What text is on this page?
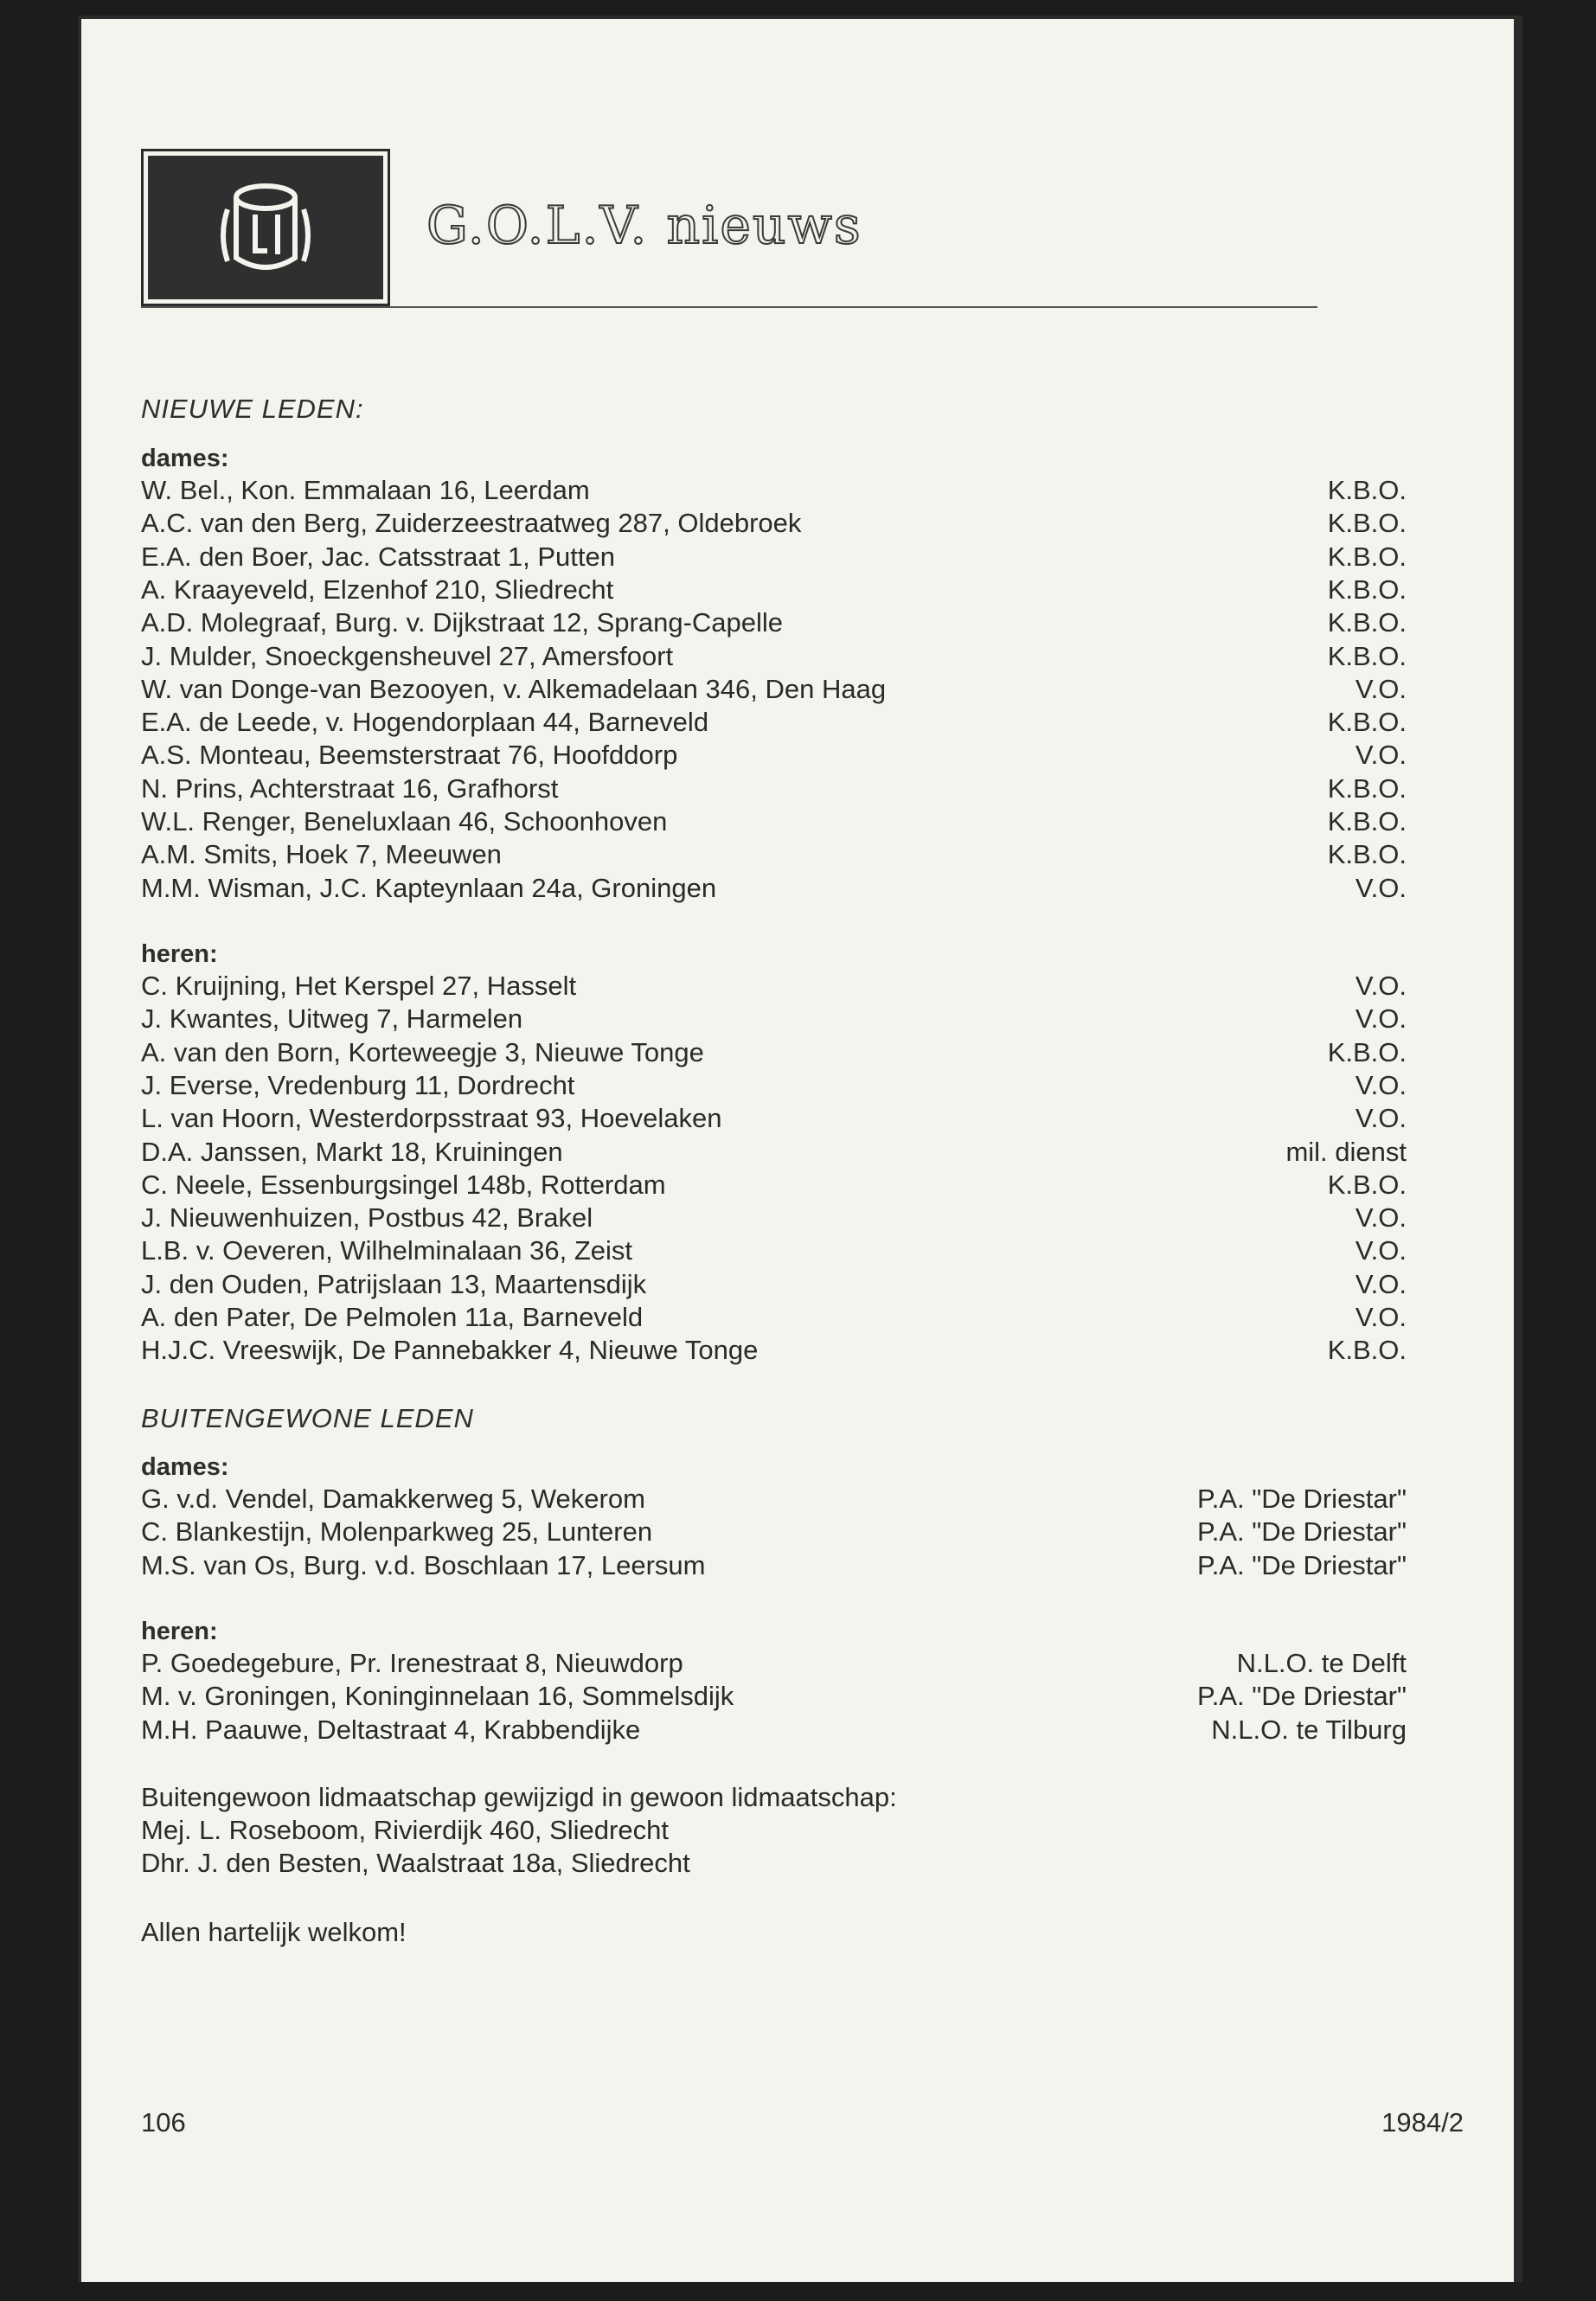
G.O.L.V. nieuws
NIEUWE LEDEN:
dames:
W. Bel., Kon. Emmalaan 16, Leerdam	K.B.O.
A.C. van den Berg, Zuiderzeestraatweg 287, Oldebroek	K.B.O.
E.A. den Boer, Jac. Catsstraat 1, Putten	K.B.O.
A. Kraayeveld, Elzenhof 210, Sliedrecht	K.B.O.
A.D. Molegraaf, Burg. v. Dijkstraat 12, Sprang-Capelle	K.B.O.
J. Mulder, Snoeckgensheuvel 27, Amersfoort	K.B.O.
W. van Donge-van Bezooyen, v. Alkemadelaan 346, Den Haag	V.O.
E.A. de Leede, v. Hogendorplaan 44, Barneveld	K.B.O.
A.S. Monteau, Beemsterstraat 76, Hoofddorp	V.O.
N. Prins, Achterstraat 16, Grafhorst	K.B.O.
W.L. Renger, Beneluxlaan 46, Schoonhoven	K.B.O.
A.M. Smits, Hoek 7, Meeuwen	K.B.O.
M.M. Wisman, J.C. Kapteynlaan 24a, Groningen	V.O.
heren:
C. Kruijning, Het Kerspel 27, Hasselt	V.O.
J. Kwantes, Uitweg 7, Harmelen	V.O.
A. van den Born, Korteweegje 3, Nieuwe Tonge	K.B.O.
J. Everse, Vredenburg 11, Dordrecht	V.O.
L. van Hoorn, Westerdorpsstraat 93, Hoevelaken	V.O.
D.A. Janssen, Markt 18, Kruiningen	mil. dienst
C. Neele, Essenburgsingel 148b, Rotterdam	K.B.O.
J. Nieuwenhuizen, Postbus 42, Brakel	V.O.
L.B. v. Oeveren, Wilhelminalaan 36, Zeist	V.O.
J. den Ouden, Patrijslaan 13, Maartensdijk	V.O.
A. den Pater, De Pelmolen 11a, Barneveld	V.O.
H.J.C. Vreeswijk, De Pannebakker 4, Nieuwe Tonge	K.B.O.
BUITENGEWONE LEDEN
dames:
G. v.d. Vendel, Damakkerweg 5, Wekerom	P.A. "De Driestar"
C. Blankestijn, Molenparkweg 25, Lunteren	P.A. "De Driestar"
M.S. van Os, Burg. v.d. Boschlaan 17, Leersum	P.A. "De Driestar"
heren:
P. Goedegebure, Pr. Irenestraat 8, Nieuwdorp	N.L.O. te Delft
M. v. Groningen, Koninginnelaan 16, Sommelsdijk	P.A. "De Driestar"
M.H. Paauwe, Deltastraat 4, Krabbendijke	N.L.O. te Tilburg
Buitengewoon lidmaatschap gewijzigd in gewoon lidmaatschap:
Mej. L. Roseboom, Rivierdijk 460, Sliedrecht
Dhr. J. den Besten, Waalstraat 18a, Sliedrecht
Allen hartelijk welkom!
106	1984/2
